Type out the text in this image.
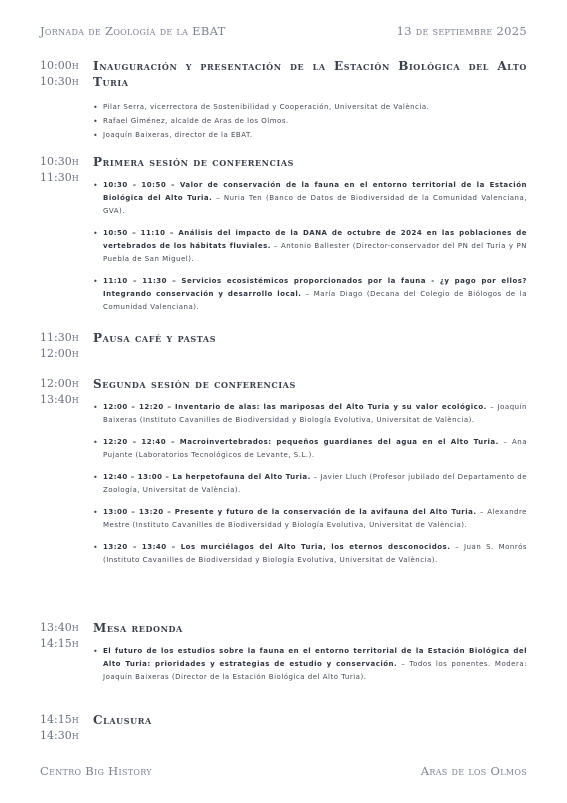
Jornada de Zoología de la EBAT	13 de septiembre 2025
10:00h
10:30h
Inauguración y presentación de la Estación Biológica del Alto Turia
• Pilar Serra, vicerrectora de Sostenibilidad y Cooperación, Universitat de València.
• Rafael Giménez, alcalde de Aras de los Olmos.
• Joaquín Baixeras, director de la EBAT.
10:30h
11:30h
Primera sesión de conferencias
• 10:30 – 10:50 – Valor de conservación de la fauna en el entorno territorial de la Estación Biológica del Alto Turia. – Nuria Ten (Banco de Datos de Biodiversidad de la Comunidad Valenciana, GVA).
• 10:50 – 11:10 – Análisis del impacto de la DANA de octubre de 2024 en las poblaciones de vertebrados de los hábitats fluviales. – Antonio Ballester (Director-conservador del PN del Turia y PN Puebla de San Miguel).
• 11:10 – 11:30 – Servicios ecosistémicos proporcionados por la fauna - ¿y pago por ellos? Integrando conservación y desarrollo local. – María Diago (Decana del Colegio de Biólogos de la Comunidad Valenciana).
11:30h
12:00h
Pausa café y pastas
12:00h
13:40h
Segunda sesión de conferencias
• 12:00 – 12:20 – Inventario de alas: las mariposas del Alto Turia y su valor ecológico. – Joaquín Baixeras (Instituto Cavanilles de Biodiversidad y Biología Evolutiva, Universitat de València).
• 12:20 – 12:40 – Macroinvertebrados: pequeños guardianes del agua en el Alto Turia. – Ana Pujante (Laboratorios Tecnológicos de Levante, S.L.).
• 12:40 – 13:00 – La herpetofauna del Alto Turia. – Javier Lluch (Profesor jubilado del Departamento de Zoología, Universitat de València).
• 13:00 – 13:20 – Presente y futuro de la conservación de la avifauna del Alto Turia. – Alexandre Mestre (Instituto Cavanilles de Biodiversidad y Biología Evolutiva, Universitat de València).
• 13:20 – 13:40 – Los murciélagos del Alto Turia, los eternos desconocidos. – Juan S. Monrós (Instituto Cavanilles de Biodiversidad y Biología Evolutiva, Universitat de València).
13:40h
14:15h
Mesa redonda
• El futuro de los estudios sobre la fauna en el entorno territorial de la Estación Biológica del Alto Turia: prioridades y estrategias de estudio y conservación. – Todos los ponentes. Modera: Joaquín Baixeras (Director de la Estación Biológica del Alto Turia).
14:15h
14:30h
Clausura
Centro Big History	Aras de los Olmos
